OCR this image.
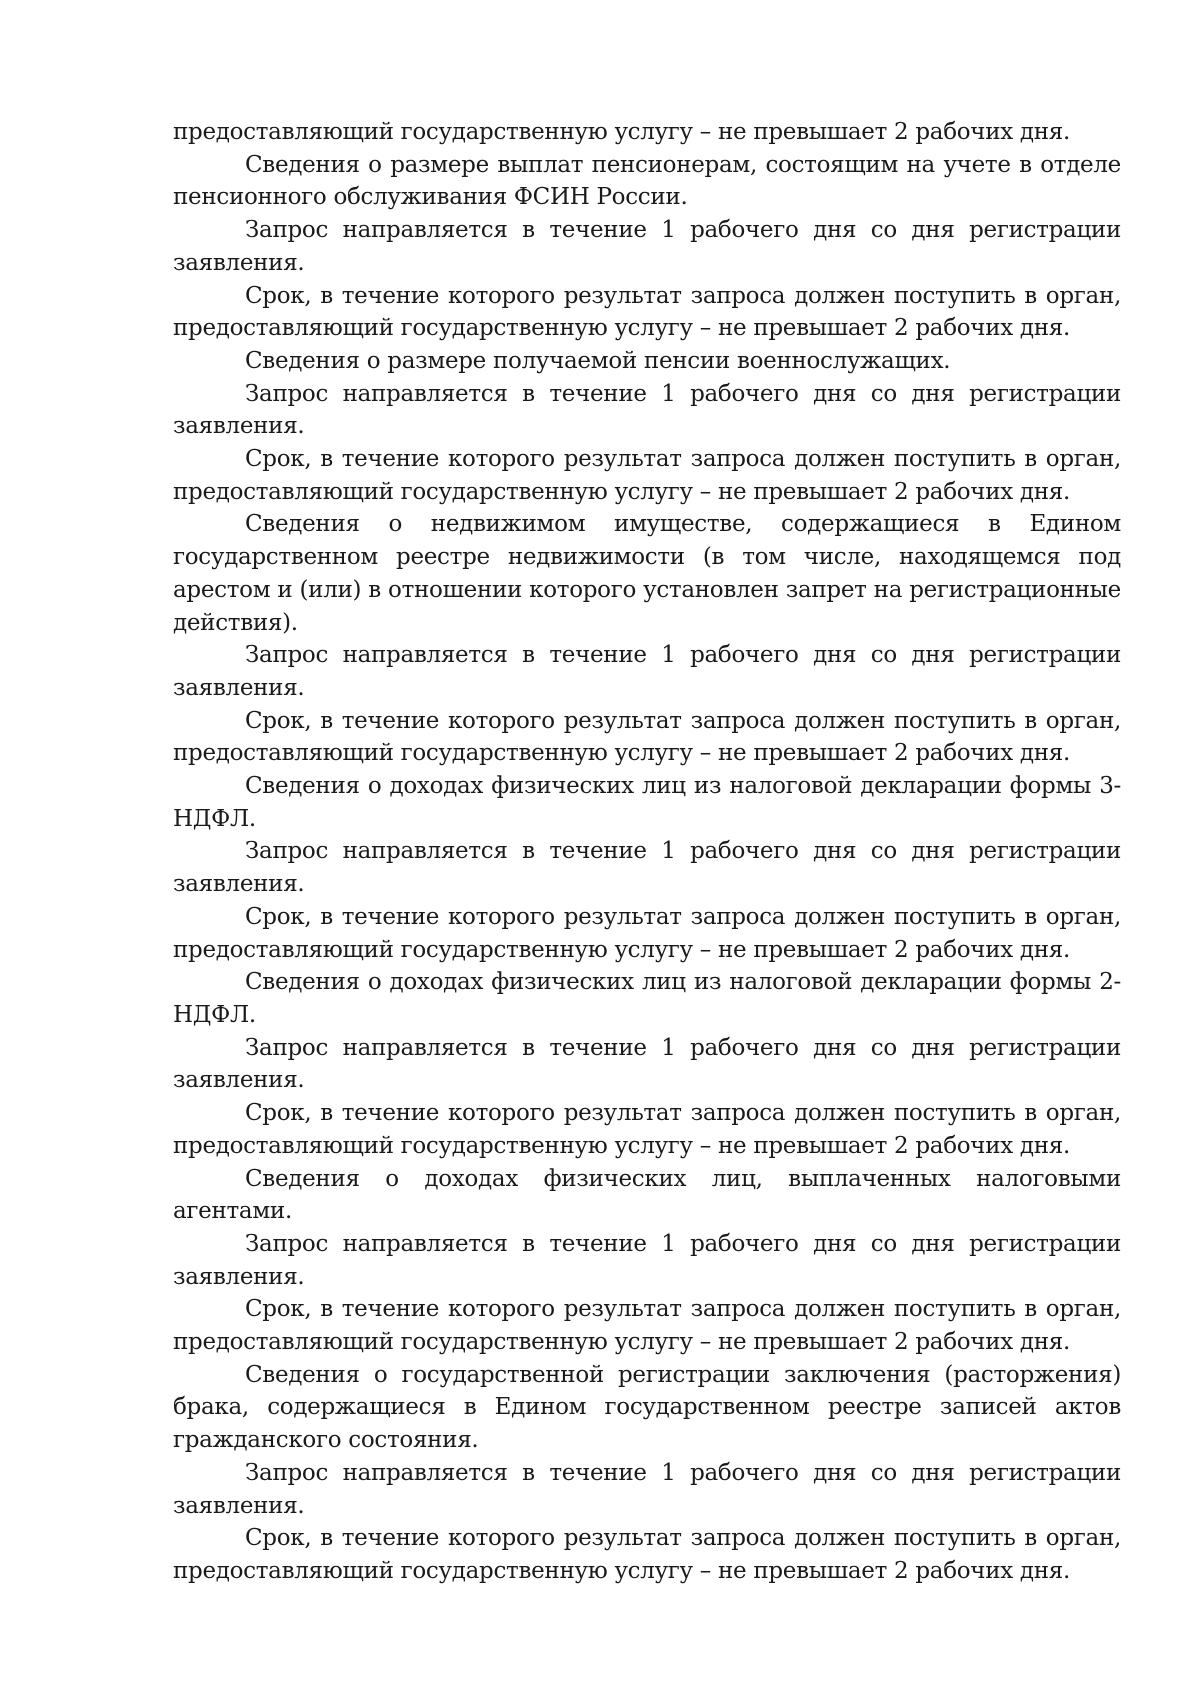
предоставляющий государственную услугу – не превышает 2 рабочих дня.

Сведения о размере выплат пенсионерам, состоящим на учете в отделе пенсионного обслуживания ФСИН России.

Запрос направляется в течение 1 рабочего дня со дня регистрации заявления.

Срок, в течение которого результат запроса должен поступить в орган, предоставляющий государственную услугу – не превышает 2 рабочих дня.

Сведения о размере получаемой пенсии военнослужащих.

Запрос направляется в течение 1 рабочего дня со дня регистрации заявления.

Срок, в течение которого результат запроса должен поступить в орган, предоставляющий государственную услугу – не превышает 2 рабочих дня.

Сведения о недвижимом имуществе, содержащиеся в Едином государственном реестре недвижимости (в том числе, находящемся под арестом и (или) в отношении которого установлен запрет на регистрационные действия).

Запрос направляется в течение 1 рабочего дня со дня регистрации заявления.

Срок, в течение которого результат запроса должен поступить в орган, предоставляющий государственную услугу – не превышает 2 рабочих дня.

Сведения о доходах физических лиц из налоговой декларации формы 3-НДФЛ.

Запрос направляется в течение 1 рабочего дня со дня регистрации заявления.

Срок, в течение которого результат запроса должен поступить в орган, предоставляющий государственную услугу – не превышает 2 рабочих дня.

Сведения о доходах физических лиц из налоговой декларации формы 2-НДФЛ.

Запрос направляется в течение 1 рабочего дня со дня регистрации заявления.

Срок, в течение которого результат запроса должен поступить в орган, предоставляющий государственную услугу – не превышает 2 рабочих дня.

Сведения о доходах физических лиц, выплаченных налоговыми агентами.

Запрос направляется в течение 1 рабочего дня со дня регистрации заявления.

Срок, в течение которого результат запроса должен поступить в орган, предоставляющий государственную услугу – не превышает 2 рабочих дня.

Сведения о государственной регистрации заключения (расторжения) брака, содержащиеся в Едином государственном реестре записей актов гражданского состояния.

Запрос направляется в течение 1 рабочего дня со дня регистрации заявления.

Срок, в течение которого результат запроса должен поступить в орган, предоставляющий государственную услугу – не превышает 2 рабочих дня.
